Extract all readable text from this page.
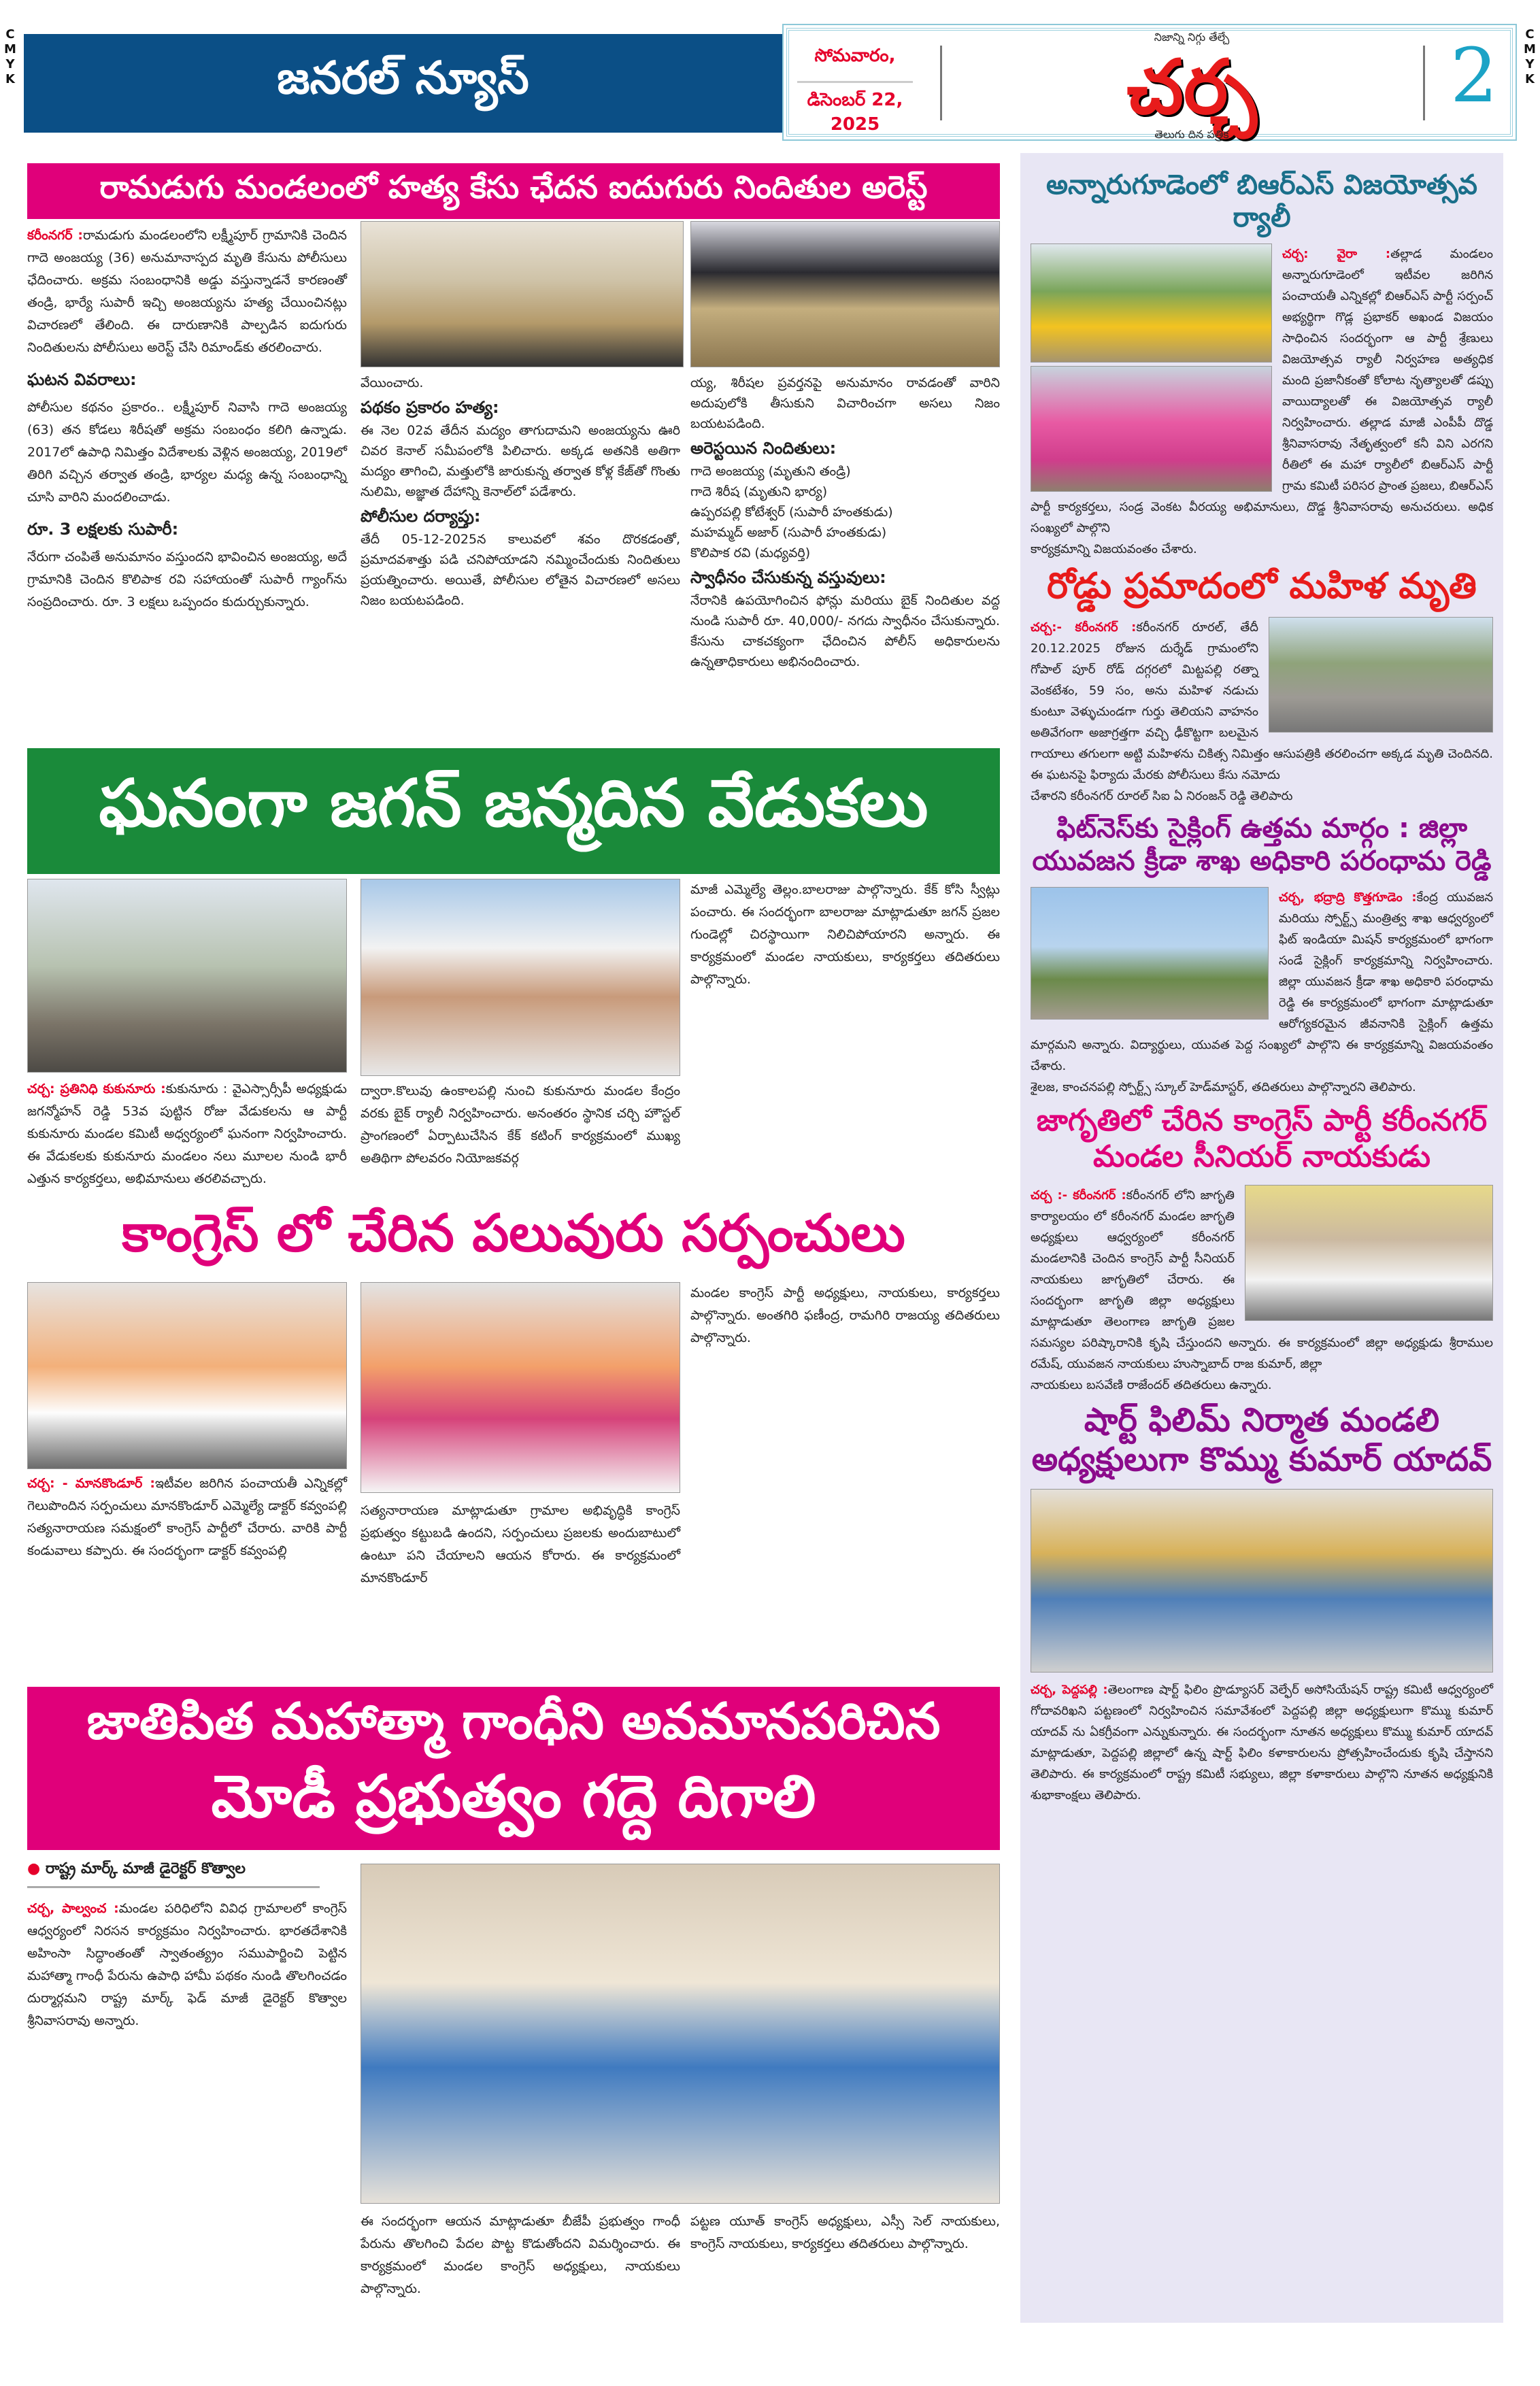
CMYK
CMYK
జనరల్ న్యూస్	సోమవారం,
డిసెంబర్ 22, 2025
నిజాన్ని నిగ్గు తేల్చే
చర్చ
తెలుగు దిన పత్రిక
2
రామడుగు మండలంలో హత్య కేసు ఛేదన ఐదుగురు నిందితుల అరెస్ట్

కరీంనగర్ :రామడుగు మండలంలోని లక్ష్మీపూర్ గ్రామానికి చెందిన గాదె అంజయ్య (36) అనుమానాస్పద మృతి కేసును పోలీసులు ఛేదించారు. అక్రమ సంబంధానికి అడ్డు వస్తున్నాడనే కారణంతో తండ్రి, భార్యే సుపారీ ఇచ్చి అంజయ్యను హత్య చేయించినట్లు విచారణలో తేలింది. ఈ దారుణానికి పాల్పడిన ఐదుగురు నిందితులను పోలీసులు అరెస్ట్ చేసి రిమాండ్‌కు తరలించారు.

ఘటన వివరాలు:

పోలీసుల కథనం ప్రకారం.. లక్ష్మీపూర్ నివాసి గాదె అంజయ్య (63) తన కోడలు శిరీషతో అక్రమ సంబంధం కలిగి ఉన్నాడు. 2017లో ఉపాధి నిమిత్తం విదేశాలకు వెళ్లిన అంజయ్య, 2019లో తిరిగి వచ్చిన తర్వాత తండ్రి, భార్యల మధ్య ఉన్న సంబంధాన్ని చూసి వారిని మందలించాడు.

రూ. 3 లక్షలకు సుపారీ:

నేరుగా చంపితే అనుమానం వస్తుందని భావించిన అంజయ్య, అదే గ్రామానికి చెందిన కొలిపాక రవి సహాయంతో సుపారీ గ్యాంగ్‌ను సంప్రదించారు. రూ. 3 లక్షలు ఒప్పందం కుదుర్చుకున్నారు.

వేయించారు.

పథకం ప్రకారం హత్య:

ఈ నెల 02వ తేదీన మద్యం తాగుదామని అంజయ్యను ఊరి చివర కెనాల్ సమీపంలోకి పిలిచారు. అక్కడ అతనికి అతిగా మద్యం తాగించి, మత్తులోకి జారుకున్న తర్వాత కోళ్ల కేజ్‌తో గొంతు నులిమి, అజ్ఞాత దేహాన్ని కెనాల్‌లో పడేశారు.

పోలీసుల దర్యాప్తు:

తేదీ 05-12-2025న కాలువలో శవం దొరకడంతో, ప్రమాదవశాత్తు పడి చనిపోయాడని నమ్మించేందుకు నిందితులు ప్రయత్నించారు. అయితే, పోలీసుల లోతైన విచారణలో అసలు నిజం బయటపడింది.

య్య, శిరీషల ప్రవర్తనపై అనుమానం రావడంతో వారిని అదుపులోకి తీసుకుని విచారించగా అసలు నిజం బయటపడింది.

అరెస్టయిన నిందితులు:
గాదె అంజయ్య (మృతుని తండ్రి)
గాదె శిరీష (మృతుని భార్య)
ఉప్పరపల్లి కోటేశ్వర్ (సుపారీ హంతకుడు)
మహమ్మద్ అజార్ (సుపారీ హంతకుడు)
కొలిపాక రవి (మధ్యవర్తి)
స్వాధీనం చేసుకున్న వస్తువులు:

నేరానికి ఉపయోగించిన ఫోన్లు మరియు బైక్ నిందితుల వద్ద నుండి సుపారీ రూ. 40,000/- నగదు స్వాధీనం చేసుకున్నారు. కేసును చాకచక్యంగా ఛేదించిన పోలీస్ అధికారులను ఉన్నతాధికారులు అభినందించారు.

ఘనంగా జగన్ జన్మదిన వేడుకలు

చర్చ: ప్రతినిధి కుకునూరు :కుకునూరు : వైఎస్సార్సీపీ అధ్యక్షుడు జగన్మోహన్ రెడ్డి 53వ పుట్టిన రోజు వేడుకలను ఆ పార్టీ కుకునూరు మండల కమిటీ అధ్వర్యంలో ఘనంగా నిర్వహించారు. ఈ వేడుకలకు కుకునూరు మండలం నలు మూలల నుండి భారీ ఎత్తున కార్యకర్తలు, అభిమానులు తరలివచ్చారు.

ద్వారా.కొలువు ఉంకాలపల్లి నుంచి కుకునూరు మండల కేంద్రం వరకు బైక్ ర్యాలీ నిర్వహించారు. అనంతరం స్థానిక చర్చి హౌస్టల్ ప్రాంగణంలో ఏర్పాటుచేసిన కేక్ కటింగ్ కార్యక్రమంలో ముఖ్య అతిథిగా పోలవరం నియోజకవర్గ

మాజీ ఎమ్మెల్యే తెల్లం.బాలరాజు పాల్గొన్నారు. కేక్ కోసి స్వీట్లు పంచారు. ఈ సందర్భంగా బాలరాజు మాట్లాడుతూ జగన్ ప్రజల గుండెల్లో చిరస్థాయిగా నిలిచిపోయారని అన్నారు. ఈ కార్యక్రమంలో మండల నాయకులు, కార్యకర్తలు తదితరులు పాల్గొన్నారు.

కాంగ్రెస్ లో చేరిన పలువురు సర్పంచులు

చర్చ: - మానకొండూర్ :ఇటీవల జరిగిన పంచాయతీ ఎన్నికల్లో గెలుపొందిన సర్పంచులు మానకొండూర్ ఎమ్మెల్యే డాక్టర్ కవ్వంపల్లి సత్యనారాయణ సమక్షంలో కాంగ్రెస్ పార్టీలో చేరారు. వారికి పార్టీ కండువాలు కప్పారు. ఈ సందర్భంగా డాక్టర్ కవ్వంపల్లి

సత్యనారాయణ మాట్లాడుతూ గ్రామాల అభివృద్ధికి కాంగ్రెస్ ప్రభుత్వం కట్టుబడి ఉందని, సర్పంచులు ప్రజలకు అందుబాటులో ఉంటూ పని చేయాలని ఆయన కోరారు. ఈ కార్యక్రమంలో మానకొండూర్

మండల కాంగ్రెస్ పార్టీ అధ్యక్షులు, నాయకులు, కార్యకర్తలు పాల్గొన్నారు. అంతగిరి ఫణీంద్ర, రామగిరి రాజయ్య తదితరులు పాల్గొన్నారు.

జాతిపిత మహాత్మా గాంధీని అవమానపరిచిన
మోడీ ప్రభుత్వం గద్దె దిగాలి
● రాష్ట్ర మార్క్ మాజీ డైరెక్టర్ కొత్వాల

చర్చ, పాల్వంచ :మండల పరిధిలోని వివిధ గ్రామాలలో కాంగ్రెస్ ఆధ్వర్యంలో నిరసన కార్యక్రమం నిర్వహించారు. భారతదేశానికి అహింసా సిద్ధాంతంతో స్వాతంత్య్రం సముపార్జించి పెట్టిన మహాత్మా గాంధీ పేరును ఉపాధి హామీ పథకం నుండి తొలగించడం దుర్మార్గమని రాష్ట్ర మార్క్ ఫెడ్ మాజీ డైరెక్టర్ కొత్వాల శ్రీనివాసరావు అన్నారు.

ఈ సందర్భంగా ఆయన మాట్లాడుతూ బీజేపీ ప్రభుత్వం గాంధీ పేరును తొలగించి పేదల పొట్ట కొడుతోందని విమర్శించారు. ఈ కార్యక్రమంలో మండల కాంగ్రెస్ అధ్యక్షులు, నాయకులు పాల్గొన్నారు.

పట్టణ యూత్ కాంగ్రెస్ అధ్యక్షులు, ఎస్సీ సెల్ నాయకులు, కాంగ్రెస్ నాయకులు, కార్యకర్తలు తదితరులు పాల్గొన్నారు.

అన్నారుగూడెంలో బిఆర్ఎస్ విజయోత్సవ ర్యాలీ
చర్చ: వైరా :తల్లాడ మండలం అన్నారుగూడెంలో ఇటీవల జరిగిన పంచాయతీ ఎన్నికల్లో బిఆర్ఎస్ పార్టీ సర్పంచ్ అభ్యర్థిగా గొడ్ల ప్రభాకర్ అఖండ విజయం సాధించిన సందర్భంగా ఆ పార్టీ శ్రేణులు విజయోత్సవ ర్యాలీ నిర్వహణ అత్యధిక మంది ప్రజానీకంతో కోలాట నృత్యాలతో డప్పు వాయిద్యాలతో ఈ విజయోత్సవ ర్యాలీ నిర్వహించారు. తల్లాడ మాజీ ఎంపీపీ దొడ్డ శ్రీనివాసరావు నేతృత్వంలో కనీ విని ఎరగని రీతిలో ఈ మహా ర్యాలీలో బిఆర్ఎస్ పార్టీ గ్రామ కమిటీ పరిసర ప్రాంత ప్రజలు, బిఆర్ఎస్ పార్టీ కార్యకర్తలు, సండ్ర వెంకట వీరయ్య అభిమానులు, దొడ్డ శ్రీనివాసరావు అనుచరులు. అధిక సంఖ్యలో పాల్గొని
కార్యక్రమాన్ని విజయవంతం చేశారు.
రోడ్డు ప్రమాదంలో మహిళ మృతి
చర్చ:- కరీంనగర్ :కరీంనగర్ రూరల్, తేదీ 20.12.2025 రోజున దుర్శేడ్ గ్రామంలోని గోపాల్ పూర్ రోడ్ దగ్గరలో మిట్టపల్లి రత్నా వెంకటేశం, 59 సం, అను మహిళ నడుచు కుంటూ వెళ్ళుచుండగా గుర్తు తెలియని వాహనం అతివేగంగా అజాగ్రత్తగా వచ్చి ఢీకొట్టగా బలమైన గాయాలు తగులగా అట్టి మహిళను చికిత్స నిమిత్తం ఆసుపత్రికి తరలించగా అక్కడ మృతి చెందినది. ఈ ఘటనపై ఫిర్యాదు మేరకు పోలీసులు కేసు నమోదు
చేశారని కరీంనగర్ రూరల్ సిఐ ఏ నిరంజన్ రెడ్డి తెలిపారు
ఫిట్‌నెస్‌కు సైక్లింగ్ ఉత్తమ మార్గం : జిల్లా యువజన క్రీడా శాఖ అధికారి పరంధామ రెడ్డి
చర్చ, భద్రాద్రి కొత్తగూడెం :కేంద్ర యువజన మరియు స్పోర్ట్స్ మంత్రిత్వ శాఖ ఆధ్వర్యంలో ఫిట్ ఇండియా మిషన్ కార్యక్రమంలో భాగంగా సండే సైక్లింగ్ కార్యక్రమాన్ని నిర్వహించారు. జిల్లా యువజన క్రీడా శాఖ అధికారి పరంధామ రెడ్డి ఈ కార్యక్రమంలో భాగంగా మాట్లాడుతూ ఆరోగ్యకరమైన జీవనానికి సైక్లింగ్ ఉత్తమ మార్గమని అన్నారు. విద్యార్థులు, యువత పెద్ద సంఖ్యలో పాల్గొని ఈ కార్యక్రమాన్ని విజయవంతం చేశారు.
శైలజ, కాంచనపల్లి స్పోర్ట్స్ స్కూల్ హెడ్‌మాస్టర్, తదితరులు పాల్గొన్నారని తెలిపారు.
జాగృతిలో చేరిన కాంగ్రెస్ పార్టీ కరీంనగర్ మండల సీనియర్ నాయకుడు
చర్చ :- కరీంనగర్ :కరీంనగర్ లోని జాగృతి కార్యాలయం లో కరీంనగర్ మండల జాగృతి అధ్యక్షులు ఆధ్వర్యంలో కరీంనగర్ మండలానికి చెందిన కాంగ్రెస్ పార్టీ సీనియర్ నాయకులు జాగృతిలో చేరారు. ఈ సందర్భంగా జాగృతి జిల్లా అధ్యక్షులు మాట్లాడుతూ తెలంగాణ జాగృతి ప్రజల సమస్యల పరిష్కారానికి కృషి చేస్తుందని అన్నారు. ఈ కార్యక్రమంలో జిల్లా అధ్యక్షుడు శ్రీరాముల రమేష్, యువజన నాయకులు హుస్నాబాద్ రాజ కుమార్, జిల్లా
నాయకులు బసవేణి రాజేందర్ తదితరులు ఉన్నారు.
షార్ట్ ఫిలిమ్ నిర్మాత మండలి అధ్యక్షులుగా కొమ్ము కుమార్ యాదవ్
చర్చ, పెద్దపల్లి :తెలంగాణ షార్ట్ ఫిలిం ప్రొడ్యూసర్ వెల్ఫేర్ అసోసియేషన్ రాష్ట్ర కమిటీ ఆధ్వర్యంలో గోదావరిఖని పట్టణంలో నిర్వహించిన సమావేశంలో పెద్దపల్లి జిల్లా అధ్యక్షులుగా కొమ్ము కుమార్ యాదవ్ ను ఏకగ్రీవంగా ఎన్నుకున్నారు. ఈ సందర్భంగా నూతన అధ్యక్షులు కొమ్ము కుమార్ యాదవ్ మాట్లాడుతూ, పెద్దపల్లి జిల్లాలో ఉన్న షార్ట్ ఫిలిం కళాకారులను ప్రోత్సహించేందుకు కృషి చేస్తానని తెలిపారు. ఈ కార్యక్రమంలో రాష్ట్ర కమిటీ సభ్యులు, జిల్లా కళాకారులు పాల్గొని నూతన అధ్యక్షునికి శుభాకాంక్షలు తెలిపారు.
